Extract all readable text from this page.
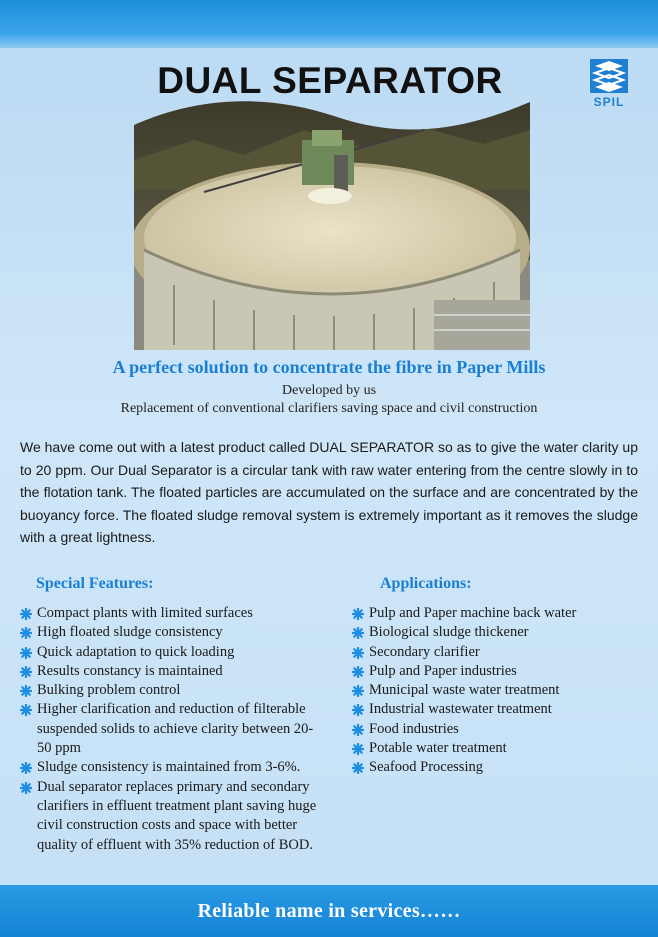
DUAL SEPARATOR
SPIL
A perfect solution to concentrate the fibre in Paper Mills
Developed by us
Replacement of conventional clarifiers saving space and civil construction
We have come out with a latest product called DUAL SEPARATOR so as to give the water clarity up to 20 ppm. Our Dual Separator is a circular tank with raw water entering from the centre slowly in to the flotation tank. The floated particles are accumulated on the surface and are concentrated by the buoyancy force. The floated sludge removal system is extremely important as it removes the sludge with a great lightness.
Special Features:	Applications:
Compact plants with limited surfaces
High floated sludge consistency
Quick adaptation to quick loading
Results constancy is maintained
Bulking problem control
Higher clarification and reduction of filterable suspended solids to achieve clarity between 20-50 ppm
Sludge consistency is maintained from 3-6%.
Dual separator replaces primary and secondary clarifiers in effluent treatment plant saving huge civil construction costs and space with better quality of effluent with 35% reduction of BOD.
Pulp and Paper machine back water
Biological sludge thickener
Secondary clarifier
Pulp and Paper industries
Municipal waste water treatment
Industrial wastewater treatment
Food industries
Potable water treatment
Seafood Processing
Reliable name in services……
